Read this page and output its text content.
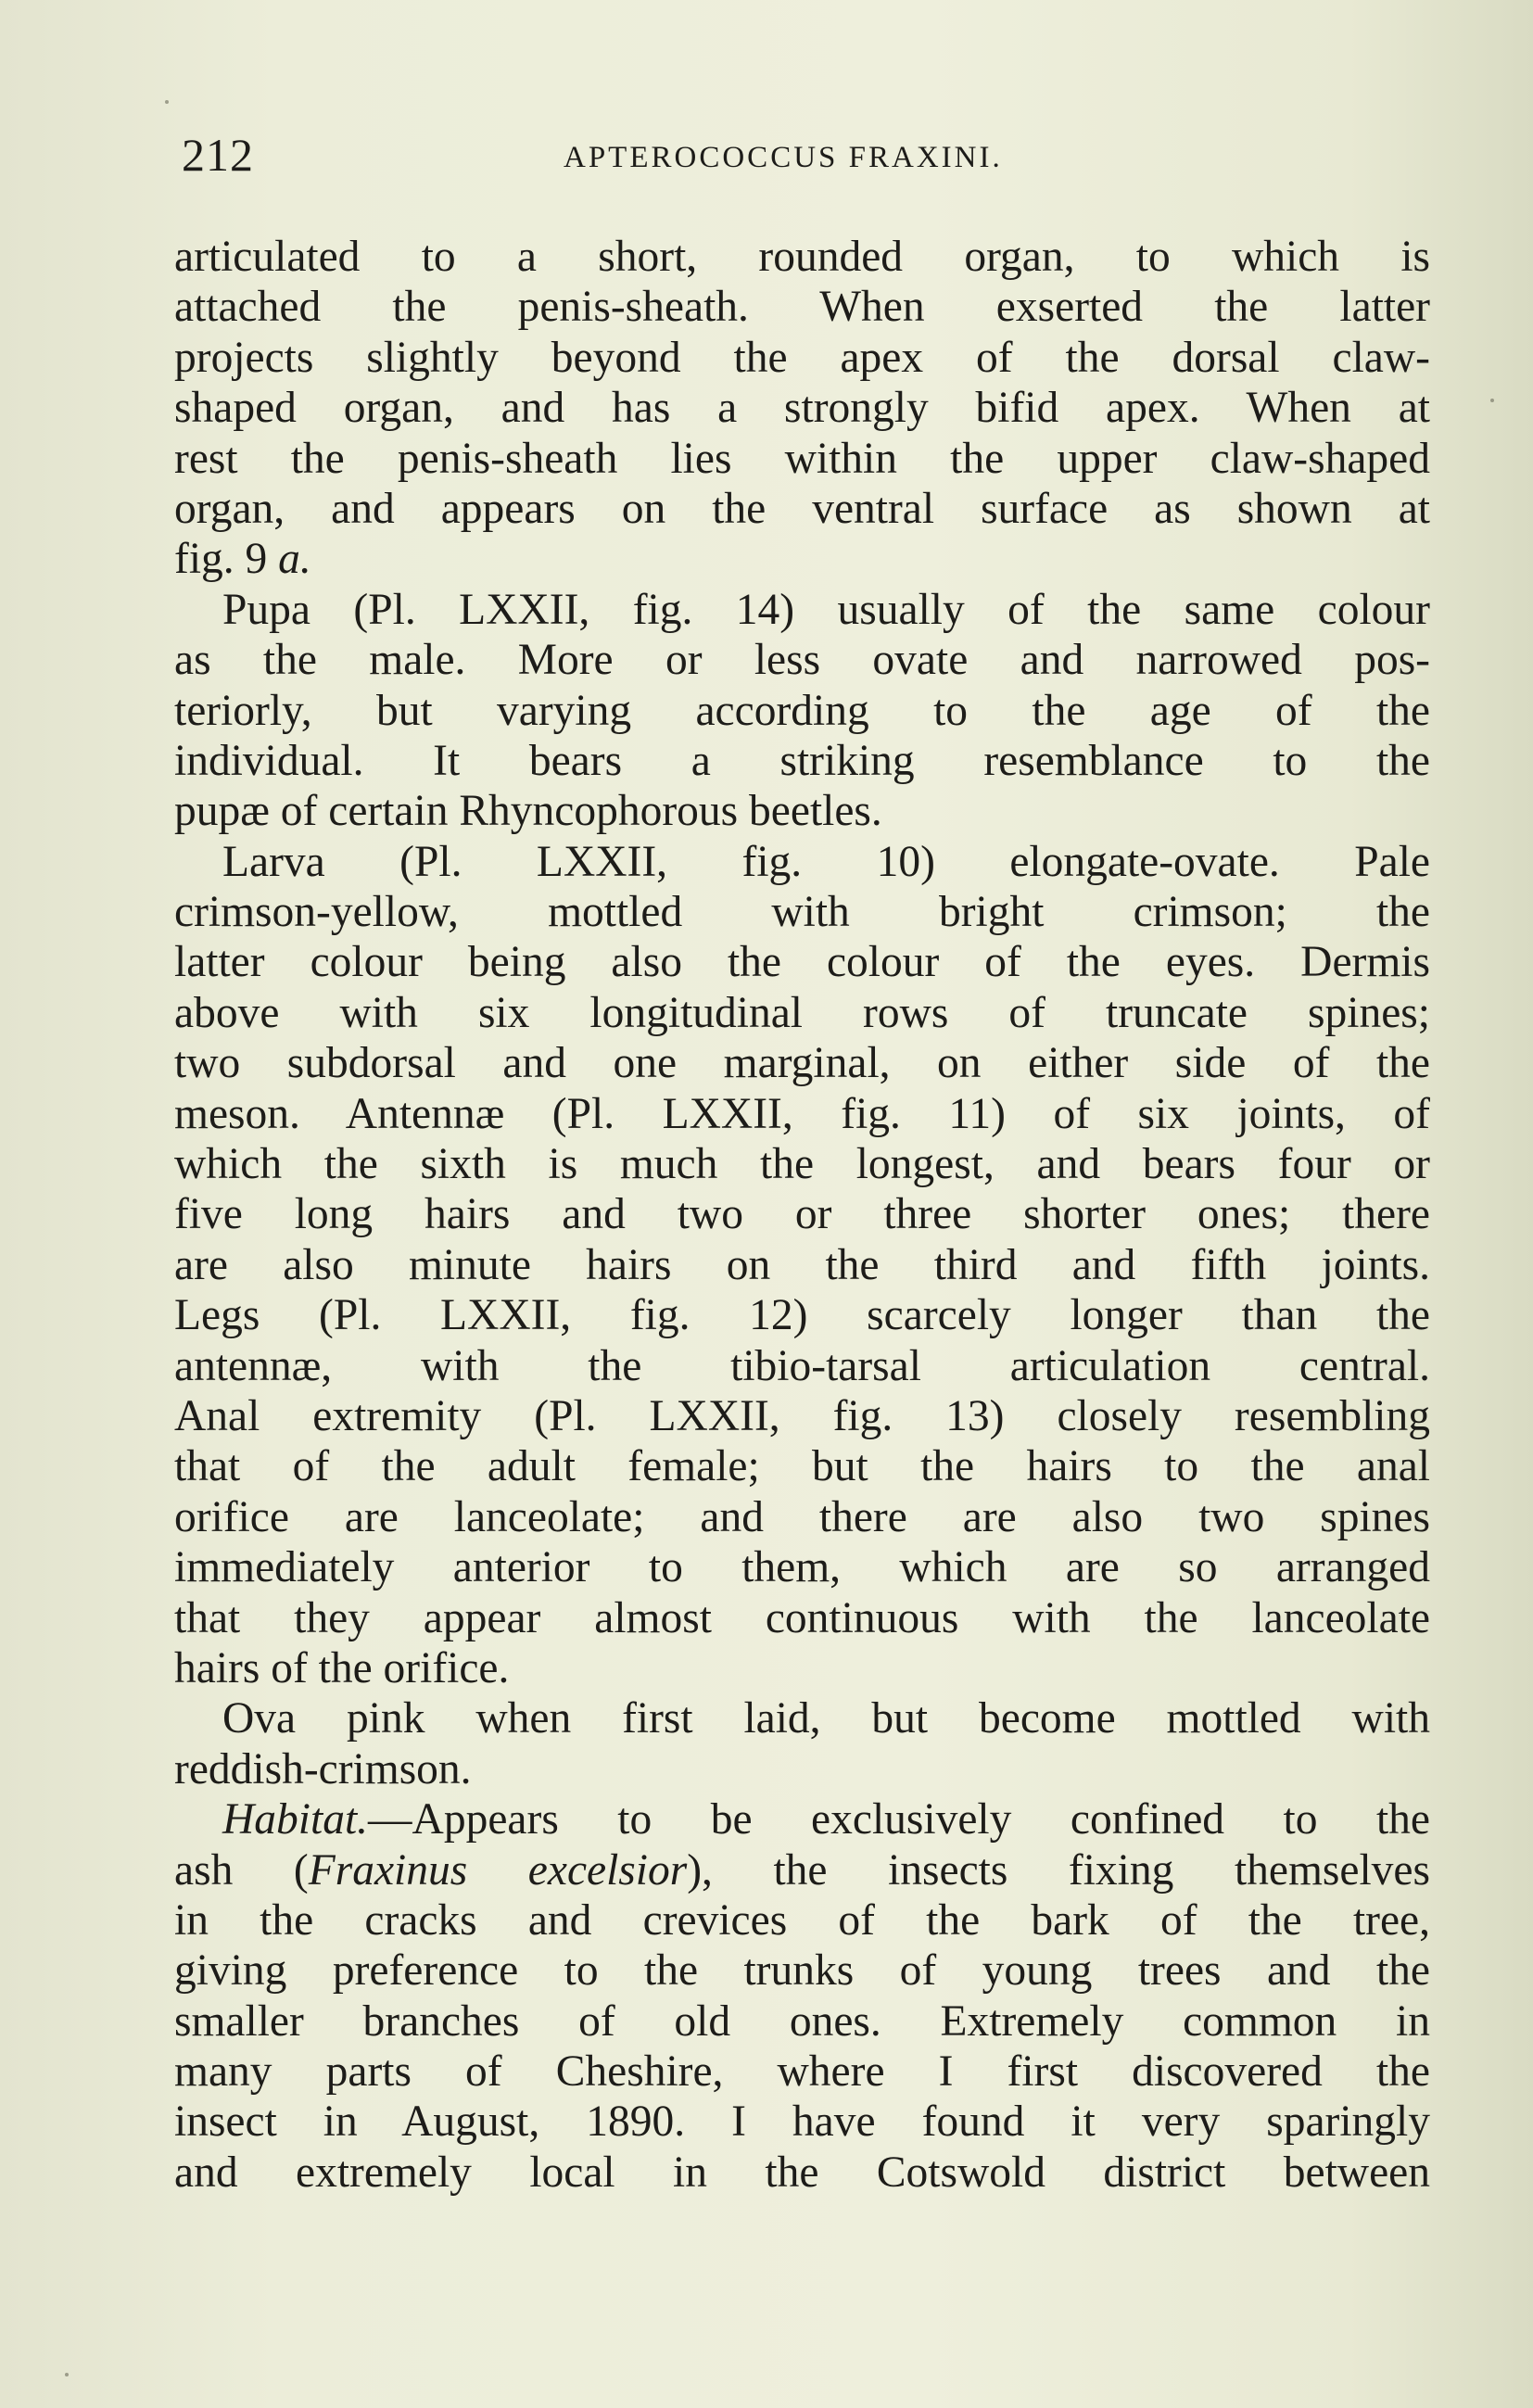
212	APTEROCOCCUS FRAXINI.
articulated to a short, rounded organ, to which is
attached the penis-sheath. When exserted the latter
projects slightly beyond the apex of the dorsal claw-
shaped organ, and has a strongly bifid apex. When at
rest the penis-sheath lies within the upper claw-shaped
organ, and appears on the ventral surface as shown at
fig. 9 a.
Pupa (Pl. LXXII, fig. 14) usually of the same colour
as the male. More or less ovate and narrowed pos-
teriorly, but varying according to the age of the
individual. It bears a striking resemblance to the
pupæ of certain Rhyncophorous beetles.
Larva (Pl. LXXII, fig. 10) elongate-ovate. Pale
crimson-yellow, mottled with bright crimson; the
latter colour being also the colour of the eyes. Dermis
above with six longitudinal rows of truncate spines;
two subdorsal and one marginal, on either side of the
meson. Antennæ (Pl. LXXII, fig. 11) of six joints, of
which the sixth is much the longest, and bears four or
five long hairs and two or three shorter ones; there
are also minute hairs on the third and fifth joints.
Legs (Pl. LXXII, fig. 12) scarcely longer than the
antennæ, with the tibio-tarsal articulation central.
Anal extremity (Pl. LXXII, fig. 13) closely resembling
that of the adult female; but the hairs to the anal
orifice are lanceolate; and there are also two spines
immediately anterior to them, which are so arranged
that they appear almost continuous with the lanceolate
hairs of the orifice.
Ova pink when first laid, but become mottled with
reddish-crimson.
Habitat.—Appears to be exclusively confined to the
ash (Fraxinus excelsior), the insects fixing themselves
in the cracks and crevices of the bark of the tree,
giving preference to the trunks of young trees and the
smaller branches of old ones. Extremely common in
many parts of Cheshire, where I first discovered the
insect in August, 1890. I have found it very sparingly
and extremely local in the Cotswold district between
